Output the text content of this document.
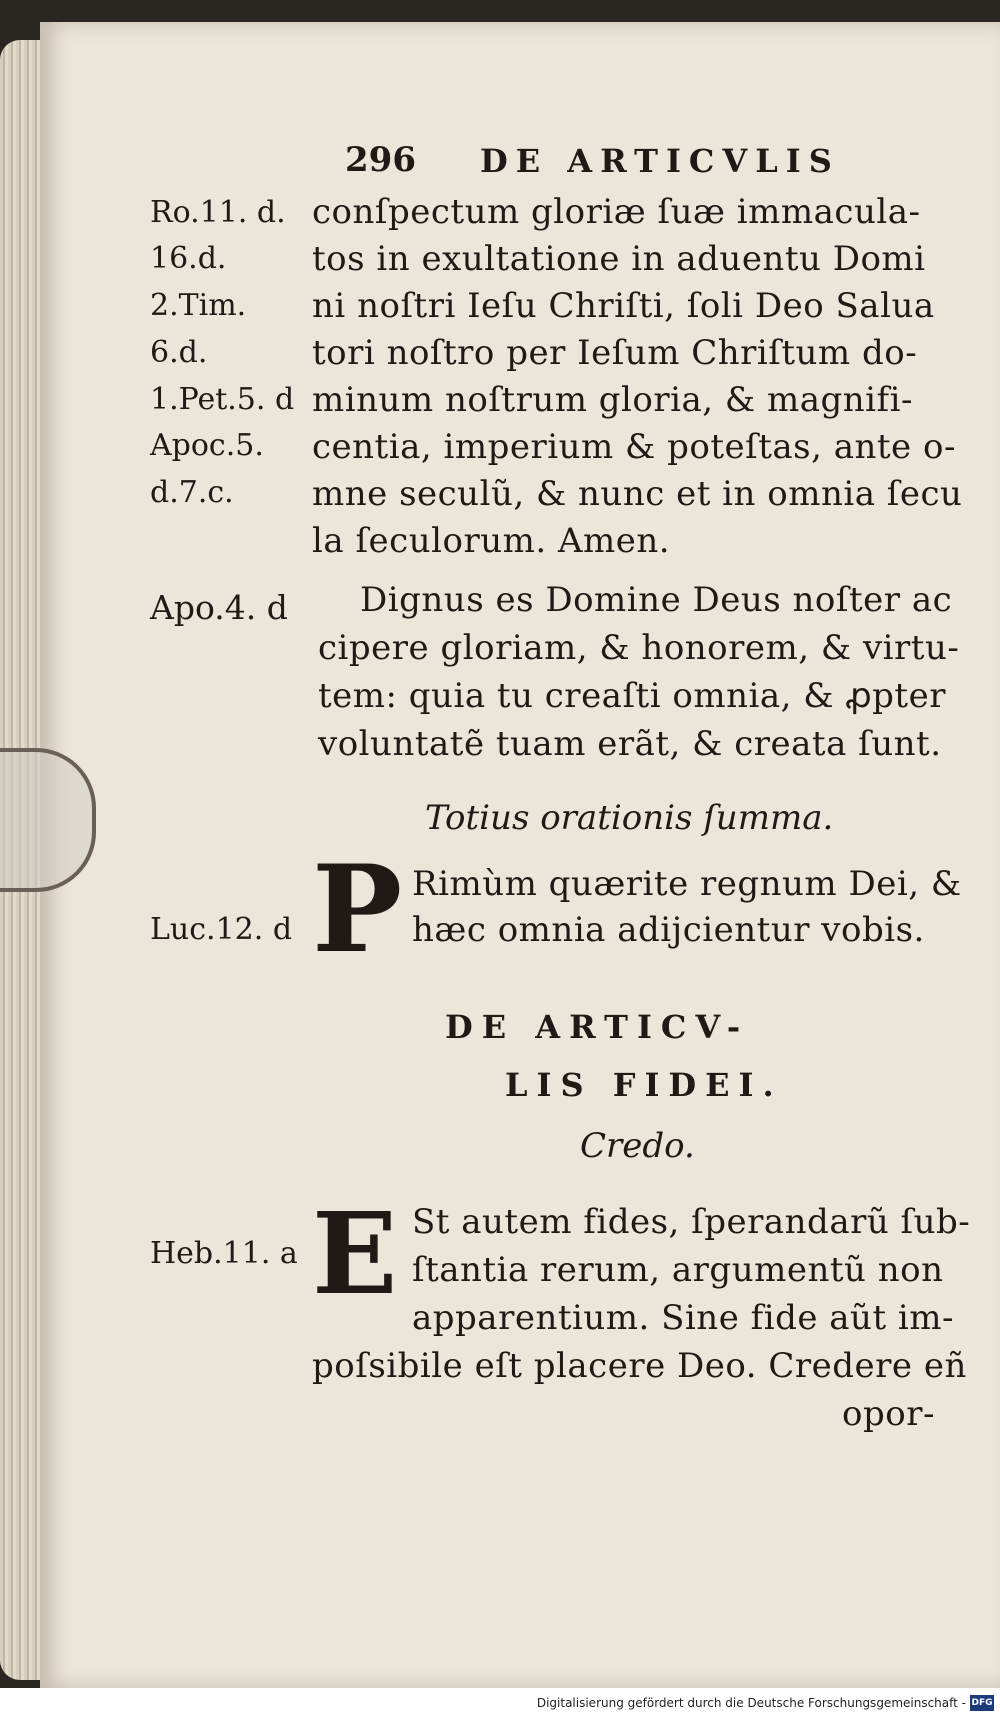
296 DE ARTICVLIS
Ro.11. d.
16.d.
2.Tim.
6.d.
1.Pet.5. d
Apoc.5.
d.7.c.
conſpectum gloriæ ſuæ immacula-
tos in exultatione in aduentu Domi
ni noſtri Ieſu Chriſti, ſoli Deo Salua
tori noſtro per Ieſum Chriſtum do-
minum noſtrum gloria, & magnifi-
centia, imperium & poteſtas, ante o-
mne seculũ, & nunc et in omnia ſecu
la ſeculorum. Amen.
Apo.4. d Dignus es Domine Deus noſter ac
cipere gloriam, & honorem, & virtu-
tem: quia tu creaſti omnia, & ꝓpter
voluntatẽ tuam erãt, & creata ſunt.
Totius orationis ſumma.
Luc.12. d P Rimùm quærite regnum Dei, &
hæc omnia adijcientur vobis.
DE ARTICV-
LIS FIDEI.
Credo.
Heb.11. a E St autem fides, ſperandarũ ſub-
ſtantia rerum, argumentũ non
apparentium. Sine fide aũt im-
poſsibile eſt placere Deo. Credere eñ
opor-
Digitalisierung gefördert durch die Deutsche Forschungsgemeinschaft - DFG
